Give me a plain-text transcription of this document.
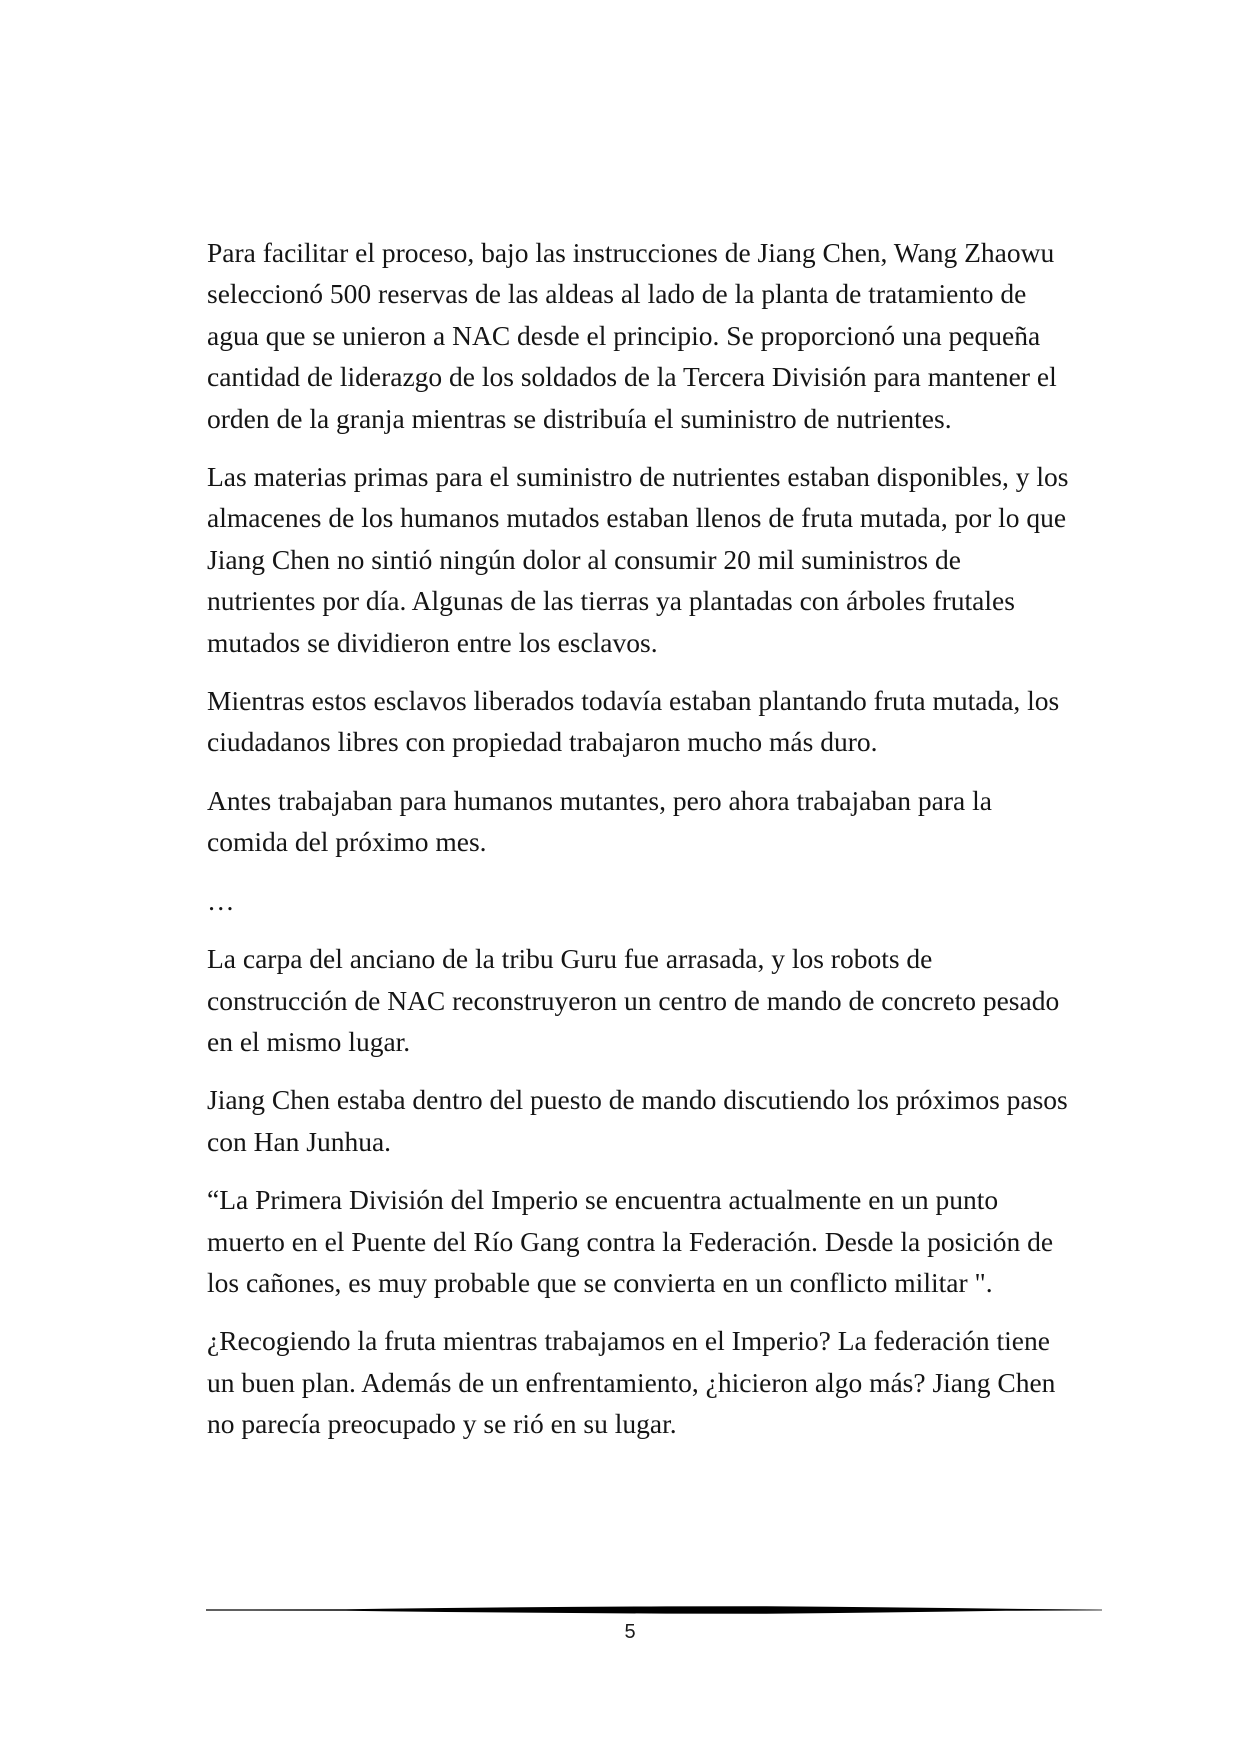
Para facilitar el proceso, bajo las instrucciones de Jiang Chen, Wang Zhaowu seleccionó 500 reservas de las aldeas al lado de la planta de tratamiento de agua que se unieron a NAC desde el principio. Se proporcionó una pequeña cantidad de liderazgo de los soldados de la Tercera División para mantener el orden de la granja mientras se distribuía el suministro de nutrientes.

Las materias primas para el suministro de nutrientes estaban disponibles, y los almacenes de los humanos mutados estaban llenos de fruta mutada, por lo que Jiang Chen no sintió ningún dolor al consumir 20 mil suministros de nutrientes por día. Algunas de las tierras ya plantadas con árboles frutales mutados se dividieron entre los esclavos.

Mientras estos esclavos liberados todavía estaban plantando fruta mutada, los ciudadanos libres con propiedad trabajaron mucho más duro.

Antes trabajaban para humanos mutantes, pero ahora trabajaban para la comida del próximo mes.

…

La carpa del anciano de la tribu Guru fue arrasada, y los robots de construcción de NAC reconstruyeron un centro de mando de concreto pesado en el mismo lugar.

Jiang Chen estaba dentro del puesto de mando discutiendo los próximos pasos con Han Junhua.

“La Primera División del Imperio se encuentra actualmente en un punto muerto en el Puente del Río Gang contra la Federación. Desde la posición de los cañones, es muy probable que se convierta en un conflicto militar ".

¿Recogiendo la fruta mientras trabajamos en el Imperio? La federación tiene un buen plan. Además de un enfrentamiento, ¿hicieron algo más? Jiang Chen no parecía preocupado y se rió en su lugar.

5
